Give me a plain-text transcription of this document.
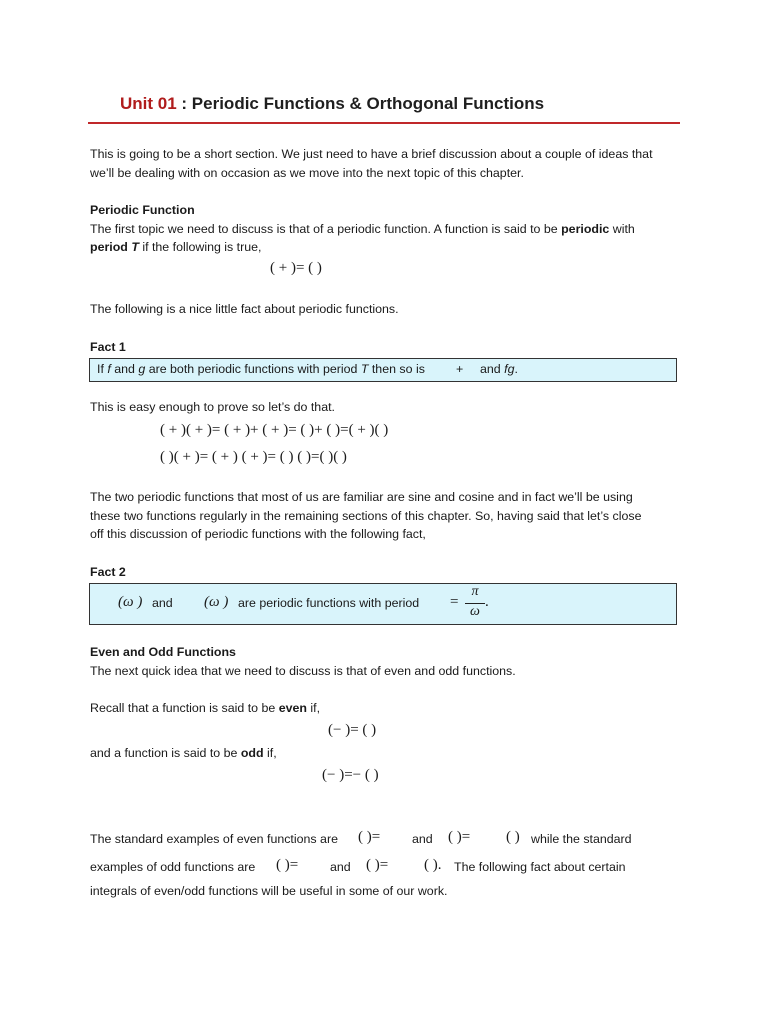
Unit 01 : Periodic Functions & Orthogonal Functions
This is going to be a short section. We just need to have a brief discussion about a couple of ideas that
we’ll be dealing with on occasion as we move into the next topic of this chapter.
Periodic Function
The first topic we need to discuss is that of a periodic function. A function is said to be periodic with
period T if the following is true,
( + )= ( )
The following is a nice little fact about periodic functions.
Fact 1
If f and g are both periodic functions with period T then so is	+ and fg.
This is easy enough to prove so let’s do that.
( + )( + )= ( + )+ ( + )= ( )+ ( )=( + )( )
( )( + )= ( + ) ( + )= ( ) ( )=( )( )
The two periodic functions that most of us are familiar are sine and cosine and in fact we’ll be using
these two functions regularly in the remaining sections of this chapter. So, having said that let’s close
off this discussion of periodic functions with the following fact,
Fact 2
(ω ) and (ω ) are periodic functions with period =
π
ω
.
Even and Odd Functions
The next quick idea that we need to discuss is that of even and odd functions.
Recall that a function is said to be even if,
(− )= ( )
and a function is said to be odd if,
(− )=− ( )
The standard examples of even functions are ( )=	and ( )= ( ) while the standard
examples of odd functions are ( )=	and ( )= ( ). The following fact about certain
integrals of even/odd functions will be useful in some of our work.
